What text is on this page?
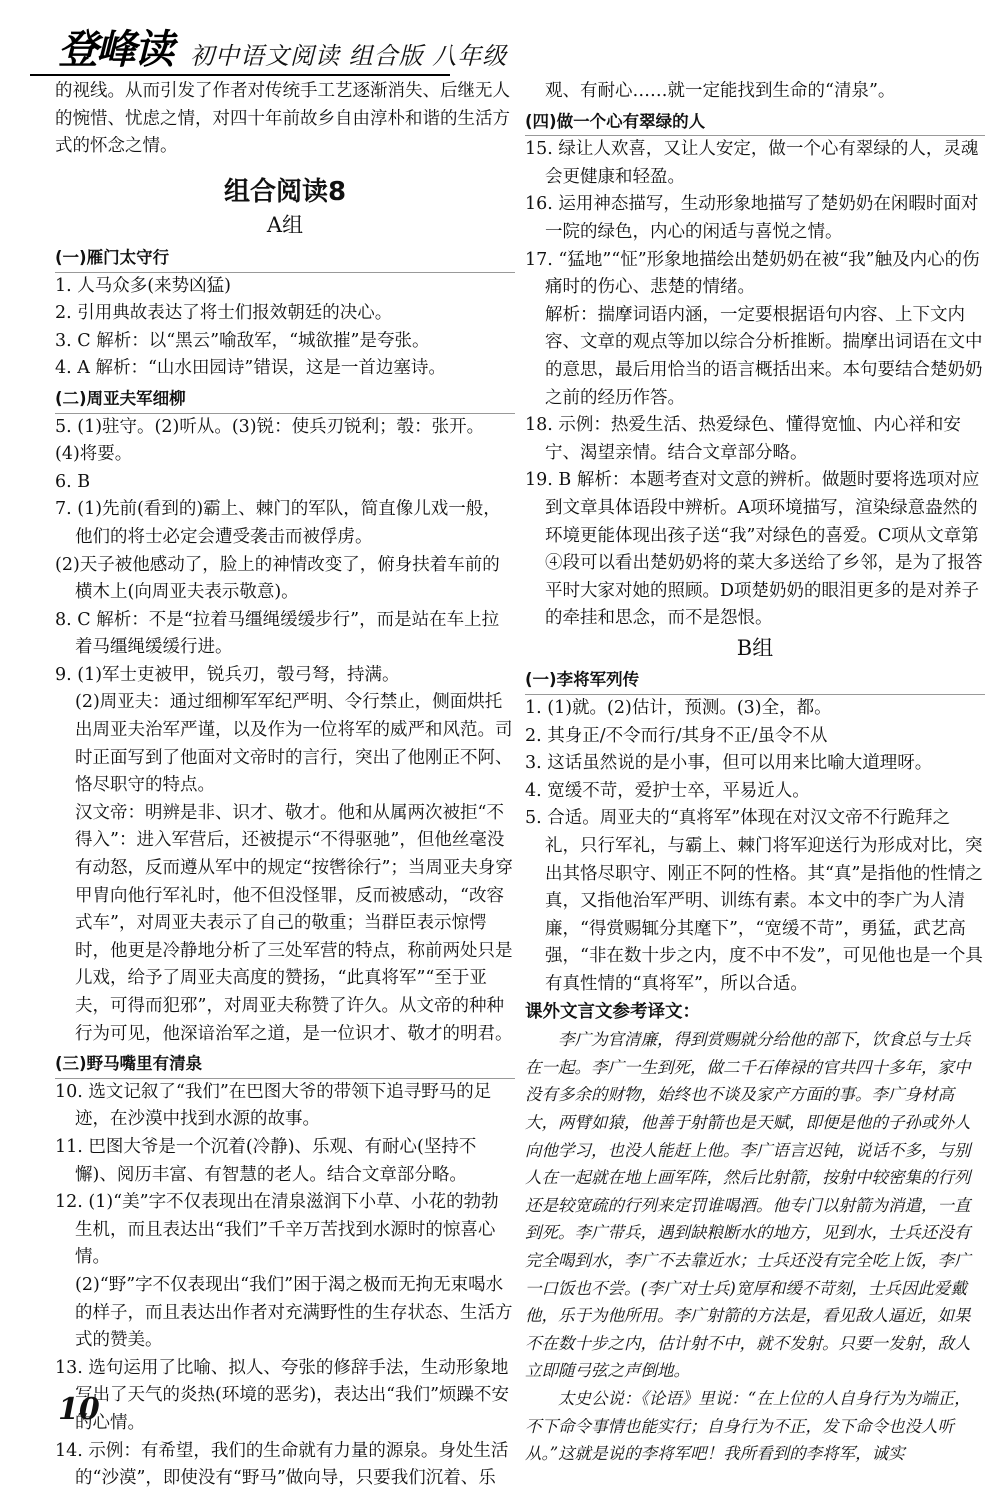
登峰读 初中语文阅读 组合版 八年级
的视线。从而引发了作者对传统手工艺逐渐消失、后继无人的惋惜、忧虑之情，对四十年前故乡自由淳朴和谐的生活方式的怀念之情。
组合阅读8
A组
(一)雁门太守行
1. 人马众多(来势凶猛)
2. 引用典故表达了将士们报效朝廷的决心。
3. C 解析：以“黑云”喻敌军，“城欲摧”是夸张。
4. A 解析：“山水田园诗”错误，这是一首边塞诗。
(二)周亚夫军细柳
5. (1)驻守。(2)听从。(3)锐：使兵刃锐利；彀：张开。
(4)将要。
6. B
7. (1)先前(看到的)霸上、棘门的军队，简直像儿戏一般，他们的将士必定会遭受袭击而被俘虏。
(2)天子被他感动了，脸上的神情改变了，俯身扶着车前的横木上(向周亚夫表示敬意)。
8. C 解析：不是“拉着马缰绳缓缓步行”，而是站在车上拉着马缰绳缓缓行进。
9. (1)军士吏被甲，锐兵刃，彀弓弩，持满。
(2)周亚夫：通过细柳军军纪严明、令行禁止，侧面烘托出周亚夫治军严谨，以及作为一位将军的威严和风范。司时正面写到了他面对文帝时的言行，突出了他刚正不阿、恪尽职守的特点。
汉文帝：明辨是非、识才、敬才。他和从属两次被拒“不得入”：进入军营后，还被提示“不得驱驰”，但他丝毫没有动怒，反而遵从军中的规定“按辔徐行”；当周亚夫身穿甲胄向他行军礼时，他不但没怪罪，反而被感动，“改容式车”，对周亚夫表示了自己的敬重；当群臣表示惊愕时，他更是冷静地分析了三处军营的特点，称前两处只是儿戏，给予了周亚夫高度的赞扬，“此真将军”“至于亚夫，可得而犯邪”，对周亚夫称赞了许久。从文帝的种种行为可见，他深谙治军之道，是一位识才、敬才的明君。
(三)野马嘴里有清泉
10. 选文记叙了“我们”在巴图大爷的带领下追寻野马的足迹，在沙漠中找到水源的故事。
11. 巴图大爷是一个沉着(冷静)、乐观、有耐心(坚持不懈)、阅历丰富、有智慧的老人。结合文章部分略。
12. (1)“美”字不仅表现出在清泉滋润下小草、小花的勃勃生机，而且表达出“我们”千辛万苦找到水源时的惊喜心情。
(2)“野”字不仅表现出“我们”困于渴之极而无拘无束喝水的样子，而且表达出作者对充满野性的生存状态、生活方式的赞美。
13. 选句运用了比喻、拟人、夸张的修辞手法，生动形象地写出了天气的炎热(环境的恶劣)，表达出“我们”烦躁不安的心情。
14. 示例：有希望，我们的生命就有力量的源泉。身处生活的“沙漠”，即使没有“野马”做向导，只要我们沉着、乐
观、有耐心……就一定能找到生命的“清泉”。
(四)做一个心有翠绿的人
15. 绿让人欢喜，又让人安定，做一个心有翠绿的人，灵魂会更健康和轻盈。
16. 运用神态描写，生动形象地描写了楚奶奶在闲暇时面对一院的绿色，内心的闲适与喜悦之情。
17. “猛地”“怔”形象地描绘出楚奶奶在被“我”触及内心的伤痛时的伤心、悲楚的情绪。
解析：揣摩词语内涵，一定要根据语句内容、上下文内容、文章的观点等加以综合分析推断。揣摩出词语在文中的意思，最后用恰当的语言概括出来。本句要结合楚奶奶之前的经历作答。
18. 示例：热爱生活、热爱绿色、懂得宽恤、内心祥和安宁、渴望亲情。结合文章部分略。
19. B 解析：本题考查对文意的辨析。做题时要将选项对应到文章具体语段中辨析。A项环境描写，渲染绿意盎然的环境更能体现出孩子送“我”对绿色的喜爱。C项从文章第④段可以看出楚奶奶将的菜大多送给了乡邻，是为了报答平时大家对她的照顾。D项楚奶奶的眼泪更多的是对养子的牵挂和思念，而不是怨恨。
B组
(一)李将军列传
1. (1)就。(2)估计，预测。(3)全，都。
2. 其身正/不令而行/其身不正/虽令不从
3. 这话虽然说的是小事，但可以用来比喻大道理呀。
4. 宽缓不苛，爱护士卒，平易近人。
5. 合适。周亚夫的“真将军”体现在对汉文帝不行跪拜之礼，只行军礼，与霸上、棘门将军迎送行为形成对比，突出其恪尽职守、刚正不阿的性格。其“真”是指他的性情之真，又指他治军严明、训练有素。本文中的李广为人清廉，“得赏赐辄分其麾下”，“宽缓不苛”，勇猛，武艺高强，“非在数十步之内，度不中不发”，可见他也是一个具有真性情的“真将军”，所以合适。
课外文言文参考译文：
李广为官清廉，得到赏赐就分给他的部下，饮食总与士兵在一起。李广一生到死，做二千石俸禄的官共四十多年，家中没有多余的财物，始终也不谈及家产方面的事。李广身材高大，两臂如猿，他善于射箭也是天赋，即便是他的子孙或外人向他学习，也没人能赶上他。李广语言迟钝，说话不多，与别人在一起就在地上画军阵，然后比射箭，按射中较密集的行列还是较宽疏的行列来定罚谁喝酒。他专门以射箭为消遣，一直到死。李广带兵，遇到缺粮断水的地方，见到水，士兵还没有完全喝到水，李广不去靠近水；士兵还没有完全吃上饭，李广一口饭也不尝。(李广对士兵)宽厚和缓不苛刻，士兵因此爱戴他，乐于为他所用。李广射箭的方法是，看见敌人逼近，如果不在数十步之内，估计射不中，就不发射。只要一发射，敌人立即随弓弦之声倒地。
太史公说：《论语》里说：“在上位的人自身行为为端正，不下命令事情也能实行；自身行为不正，发下命令也没人听从。”这就是说的李将军吧！我所看到的李将军，诚实
10
